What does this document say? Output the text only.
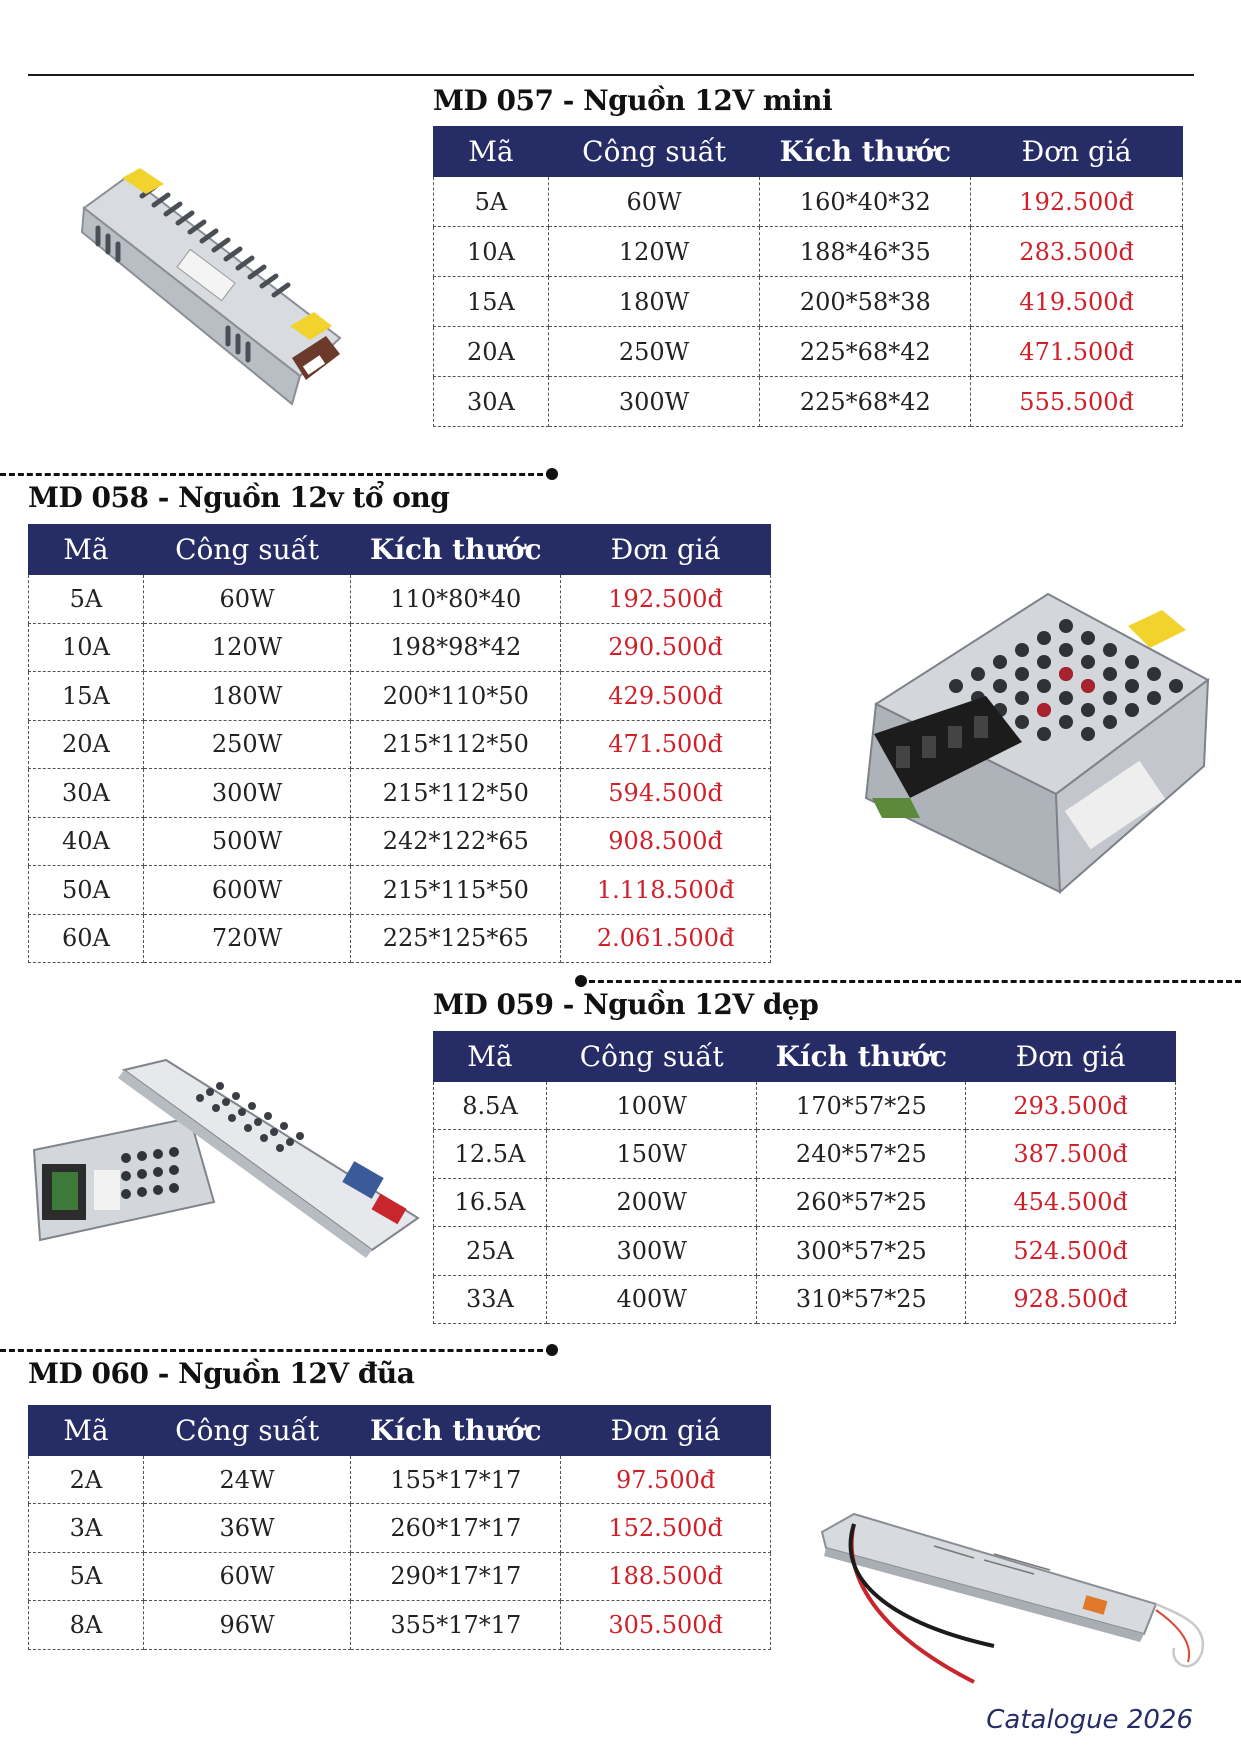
MD 057 - Nguồn 12V mini
Mã	Công suất	Kích thước	Đơn giá
5A	60W	160*40*32	192.500đ
10A	120W	188*46*35	283.500đ
15A	180W	200*58*38	419.500đ
20A	250W	225*68*42	471.500đ
30A	300W	225*68*42	555.500đ
MD 058 - Nguồn 12v tổ ong
Mã	Công suất	Kích thước	Đơn giá
5A	60W	110*80*40	192.500đ
10A	120W	198*98*42	290.500đ
15A	180W	200*110*50	429.500đ
20A	250W	215*112*50	471.500đ
30A	300W	215*112*50	594.500đ
40A	500W	242*122*65	908.500đ
50A	600W	215*115*50	1.118.500đ
60A	720W	225*125*65	2.061.500đ
MD 059 - Nguồn 12V dẹp
Mã	Công suất	Kích thước	Đơn giá
8.5A	100W	170*57*25	293.500đ
12.5A	150W	240*57*25	387.500đ
16.5A	200W	260*57*25	454.500đ
25A	300W	300*57*25	524.500đ
33A	400W	310*57*25	928.500đ
MD 060 - Nguồn 12V đũa
Mã	Công suất	Kích thước	Đơn giá
2A	24W	155*17*17	97.500đ
3A	36W	260*17*17	152.500đ
5A	60W	290*17*17	188.500đ
8A	96W	355*17*17	305.500đ
Catalogue 2026
